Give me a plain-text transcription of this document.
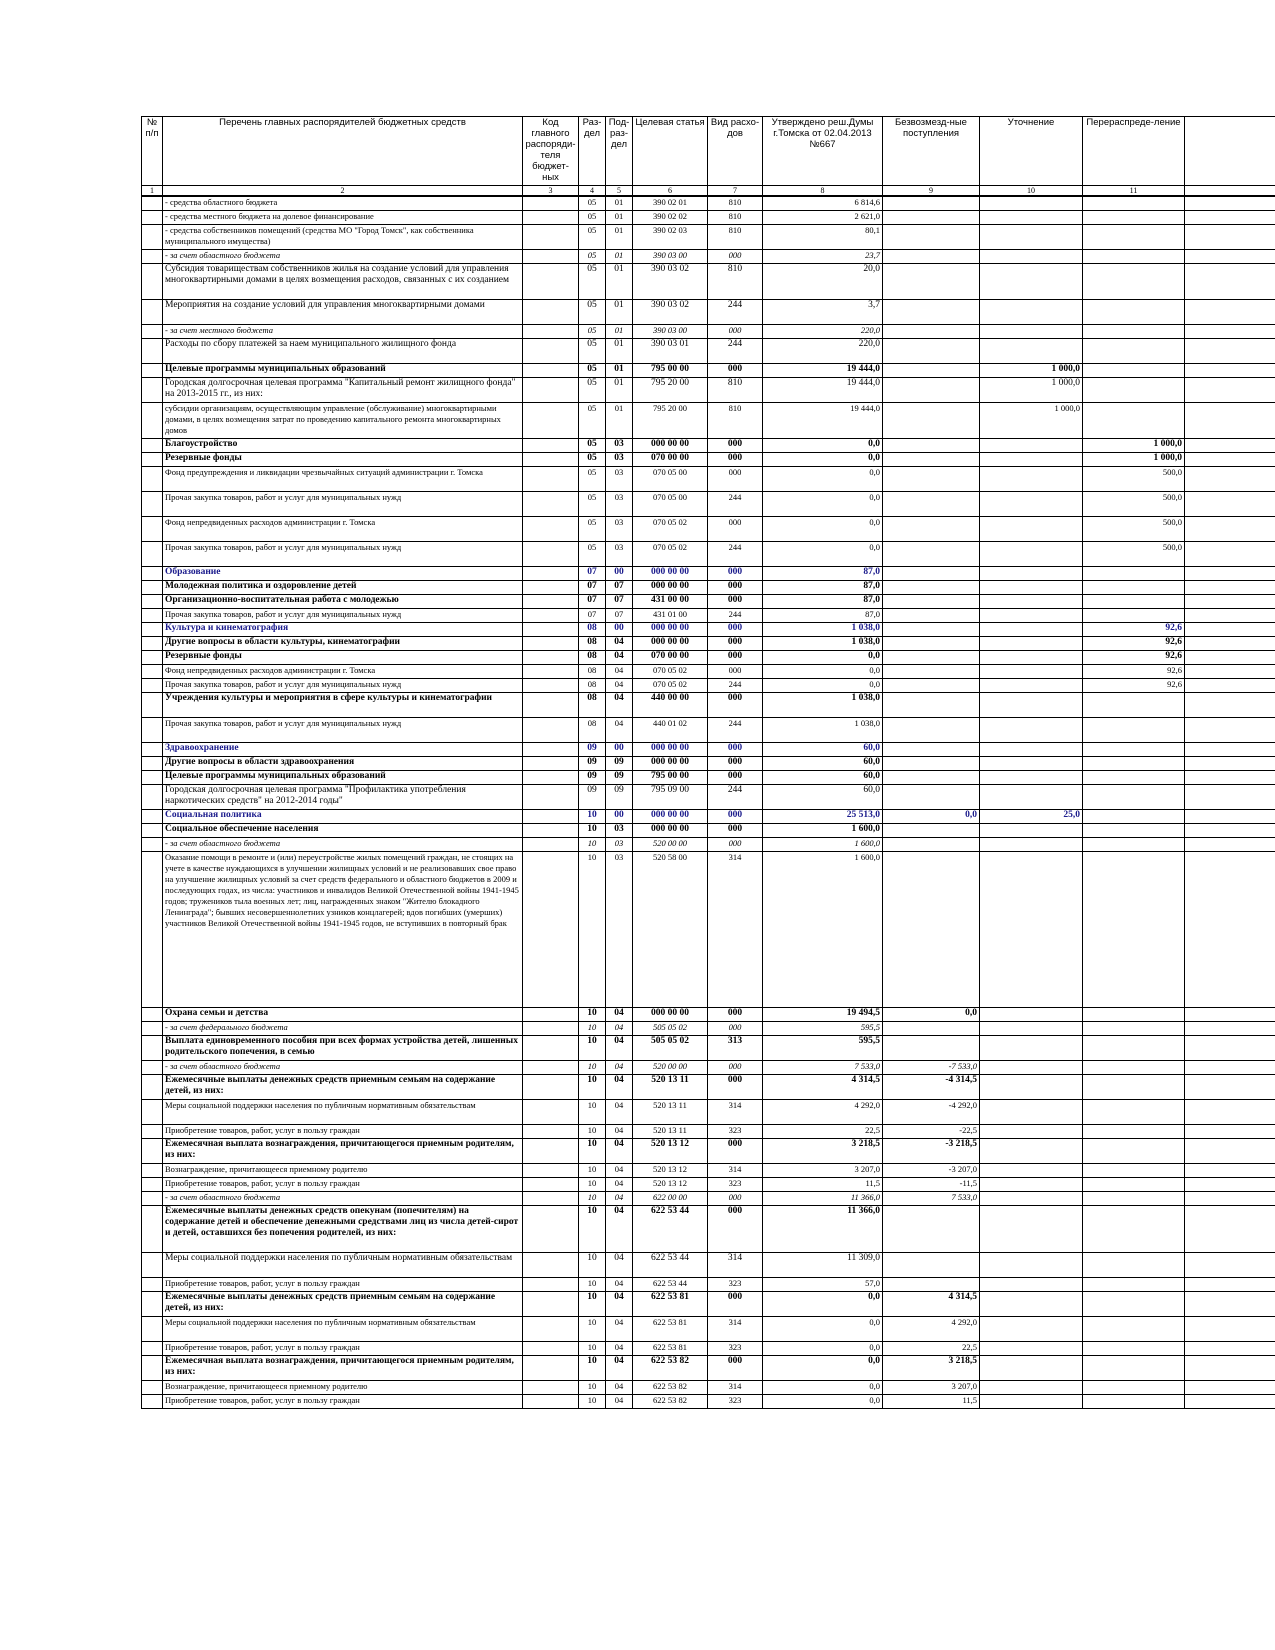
№ п/п	Перечень главных распорядителей бюджетных средств	Код главного распоряди-теля бюджет-ных	Раз-дел	Под-раз-дел	Целевая статья	Вид расхо-дов	Утверждено реш.Думы г.Томска от 02.04.2013 №667	Безвозмезд-ные поступления	Уточнение	Перераспреде-ление	
1	2	3	4	5	6	7	8	9	10	11	
	- средства областного бюджета		05	01	390 02 01	810	6 814,6				
	- средства местного бюджета на долевое финансирование		05	01	390 02 02	810	2 621,0				
	- средства собственников помещений (средства МО "Город Томск", как собственника муниципального имущества)		05	01	390 02 03	810	80,1				
	- за счет областного бюджета		05	01	390 03 00	000	23,7				
	Субсидия товариществам собственников жилья на создание условий для управления многоквартирными домами в целях возмещения расходов, связанных с их созданием		05	01	390 03 02	810	20,0				
	Мероприятия на создание условий для управления многоквартирными домами		05	01	390 03 02	244	3,7				
	- за счет местного бюджета		05	01	390 03 00	000	220,0				
	Расходы по сбору платежей за наем муниципального жилищного фонда		05	01	390 03 01	244	220,0				
	Целевые программы муниципальных образований		05	01	795 00 00	000	19 444,0		1 000,0		
	Городская долгосрочная целевая программа "Капитальный ремонт жилищного фонда" на 2013-2015 гг., из них:		05	01	795 20 00	810	19 444,0		1 000,0		
	субсидии организациям, осуществляющим управление (обслуживание) многоквартирными домами, в целях возмещения затрат по проведению капитального ремонта многоквартирных домов		05	01	795 20 00	810	19 444,0		1 000,0		
	Благоустройство		05	03	000 00 00	000	0,0			1 000,0	
	Резервные фонды		05	03	070 00 00	000	0,0			1 000,0	
	Фонд предупреждения и ликвидации чрезвычайных ситуаций администрации г. Томска		05	03	070 05 00	000	0,0			500,0	
	Прочая закупка товаров, работ и услуг для муниципальных нужд		05	03	070 05 00	244	0,0			500,0	
	Фонд непредвиденных расходов администрации г. Томска		05	03	070 05 02	000	0,0			500,0	
	Прочая закупка товаров, работ и услуг для муниципальных нужд		05	03	070 05 02	244	0,0			500,0	
	Образование		07	00	000 00 00	000	87,0				
	Молодежная политика и оздоровление детей		07	07	000 00 00	000	87,0				
	Организационно-воспитательная работа с молодежью		07	07	431 00 00	000	87,0				
	Прочая закупка товаров, работ и услуг для муниципальных нужд		07	07	431 01 00	244	87,0				
	Культура и кинематография		08	00	000 00 00	000	1 038,0			92,6	
	Другие вопросы в области культуры, кинематографии		08	04	000 00 00	000	1 038,0			92,6	
	Резервные фонды		08	04	070 00 00	000	0,0			92,6	
	Фонд непредвиденных расходов администрации г. Томска		08	04	070 05 02	000	0,0			92,6	
	Прочая закупка товаров, работ и услуг для муниципальных нужд		08	04	070 05 02	244	0,0			92,6	
	Учреждения культуры и мероприятия в сфере культуры и кинематографии		08	04	440 00 00	000	1 038,0				
	Прочая закупка товаров, работ и услуг для муниципальных нужд		08	04	440 01 02	244	1 038,0				
	Здравоохранение		09	00	000 00 00	000	60,0				
	Другие вопросы в области здравоохранения		09	09	000 00 00	000	60,0				
	Целевые программы муниципальных образований		09	09	795 00 00	000	60,0				
	Городская долгосрочная целевая программа "Профилактика употребления наркотических средств" на 2012-2014 годы"		09	09	795 09 00	244	60,0				
	Социальная политика		10	00	000 00 00	000	25 513,0	0,0	25,0		
	Социальное обеспечение населения		10	03	000 00 00	000	1 600,0				
	- за счет областного бюджета		10	03	520 00 00	000	1 600,0				
	Оказание помощи в ремонте и (или) переустройстве жилых помещений граждан, не стоящих на учете в качестве нуждающихся в улучшении жилищных условий и не реализовавших свое право на улучшение жилищных условий за счет средств федерального и областного бюджетов в 2009 и последующих годах, из числа: участников и инвалидов Великой Отечественной войны 1941-1945 годов; тружеников тыла военных лет; лиц, награжденных знаком "Жителю блокадного Ленинграда"; бывших несовершеннолетних узников концлагерей; вдов погибших (умерших) участников Великой Отечественной войны 1941-1945 годов, не вступивших в повторный брак		10	03	520 58 00	314	1 600,0				
	Охрана семьи и детства		10	04	000 00 00	000	19 494,5	0,0			
	- за счет федерального бюджета		10	04	505 05 02	000	595,5				
	Выплата единовременного пособия при всех формах устройства детей, лишенных родительского попечения, в семью		10	04	505 05 02	313	595,5				
	- за счет областного бюджета		10	04	520 00 00	000	7 533,0	-7 533,0			
	Ежемесячные выплаты денежных средств приемным семьям на содержание детей, из них:		10	04	520 13 11	000	4 314,5	-4 314,5			
	Меры социальной поддержки населения по публичным нормативным обязательствам		10	04	520 13 11	314	4 292,0	-4 292,0			
	Приобретение товаров, работ, услуг в пользу граждан		10	04	520 13 11	323	22,5	-22,5			
	Ежемесячная выплата вознаграждения, причитающегося приемным родителям, из них:		10	04	520 13 12	000	3 218,5	-3 218,5			
	Вознаграждение, причитающееся приемному родителю		10	04	520 13 12	314	3 207,0	-3 207,0			
	Приобретение товаров, работ, услуг в пользу граждан		10	04	520 13 12	323	11,5	-11,5			
	- за счет областного бюджета		10	04	622 00 00	000	11 366,0	7 533,0			
	Ежемесячные выплаты денежных средств опекунам (попечителям) на содержание детей и обеспечение денежными средствами лиц из числа детей-сирот и детей, оставшихся без попечения родителей, из них:		10	04	622 53 44	000	11 366,0				
	Меры социальной поддержки населения по публичным нормативным обязательствам		10	04	622 53 44	314	11 309,0				
	Приобретение товаров, работ, услуг в пользу граждан		10	04	622 53 44	323	57,0				
	Ежемесячные выплаты денежных средств приемным семьям на содержание детей, из них:		10	04	622 53 81	000	0,0	4 314,5			
	Меры социальной поддержки населения по публичным нормативным обязательствам		10	04	622 53 81	314	0,0	4 292,0			
	Приобретение товаров, работ, услуг в пользу граждан		10	04	622 53 81	323	0,0	22,5			
	Ежемесячная выплата вознаграждения, причитающегося приемным родителям, из них:		10	04	622 53 82	000	0,0	3 218,5			
	Вознаграждение, причитающееся приемному родителю		10	04	622 53 82	314	0,0	3 207,0			
	Приобретение товаров, работ, услуг в пользу граждан		10	04	622 53 82	323	0,0	11,5			
